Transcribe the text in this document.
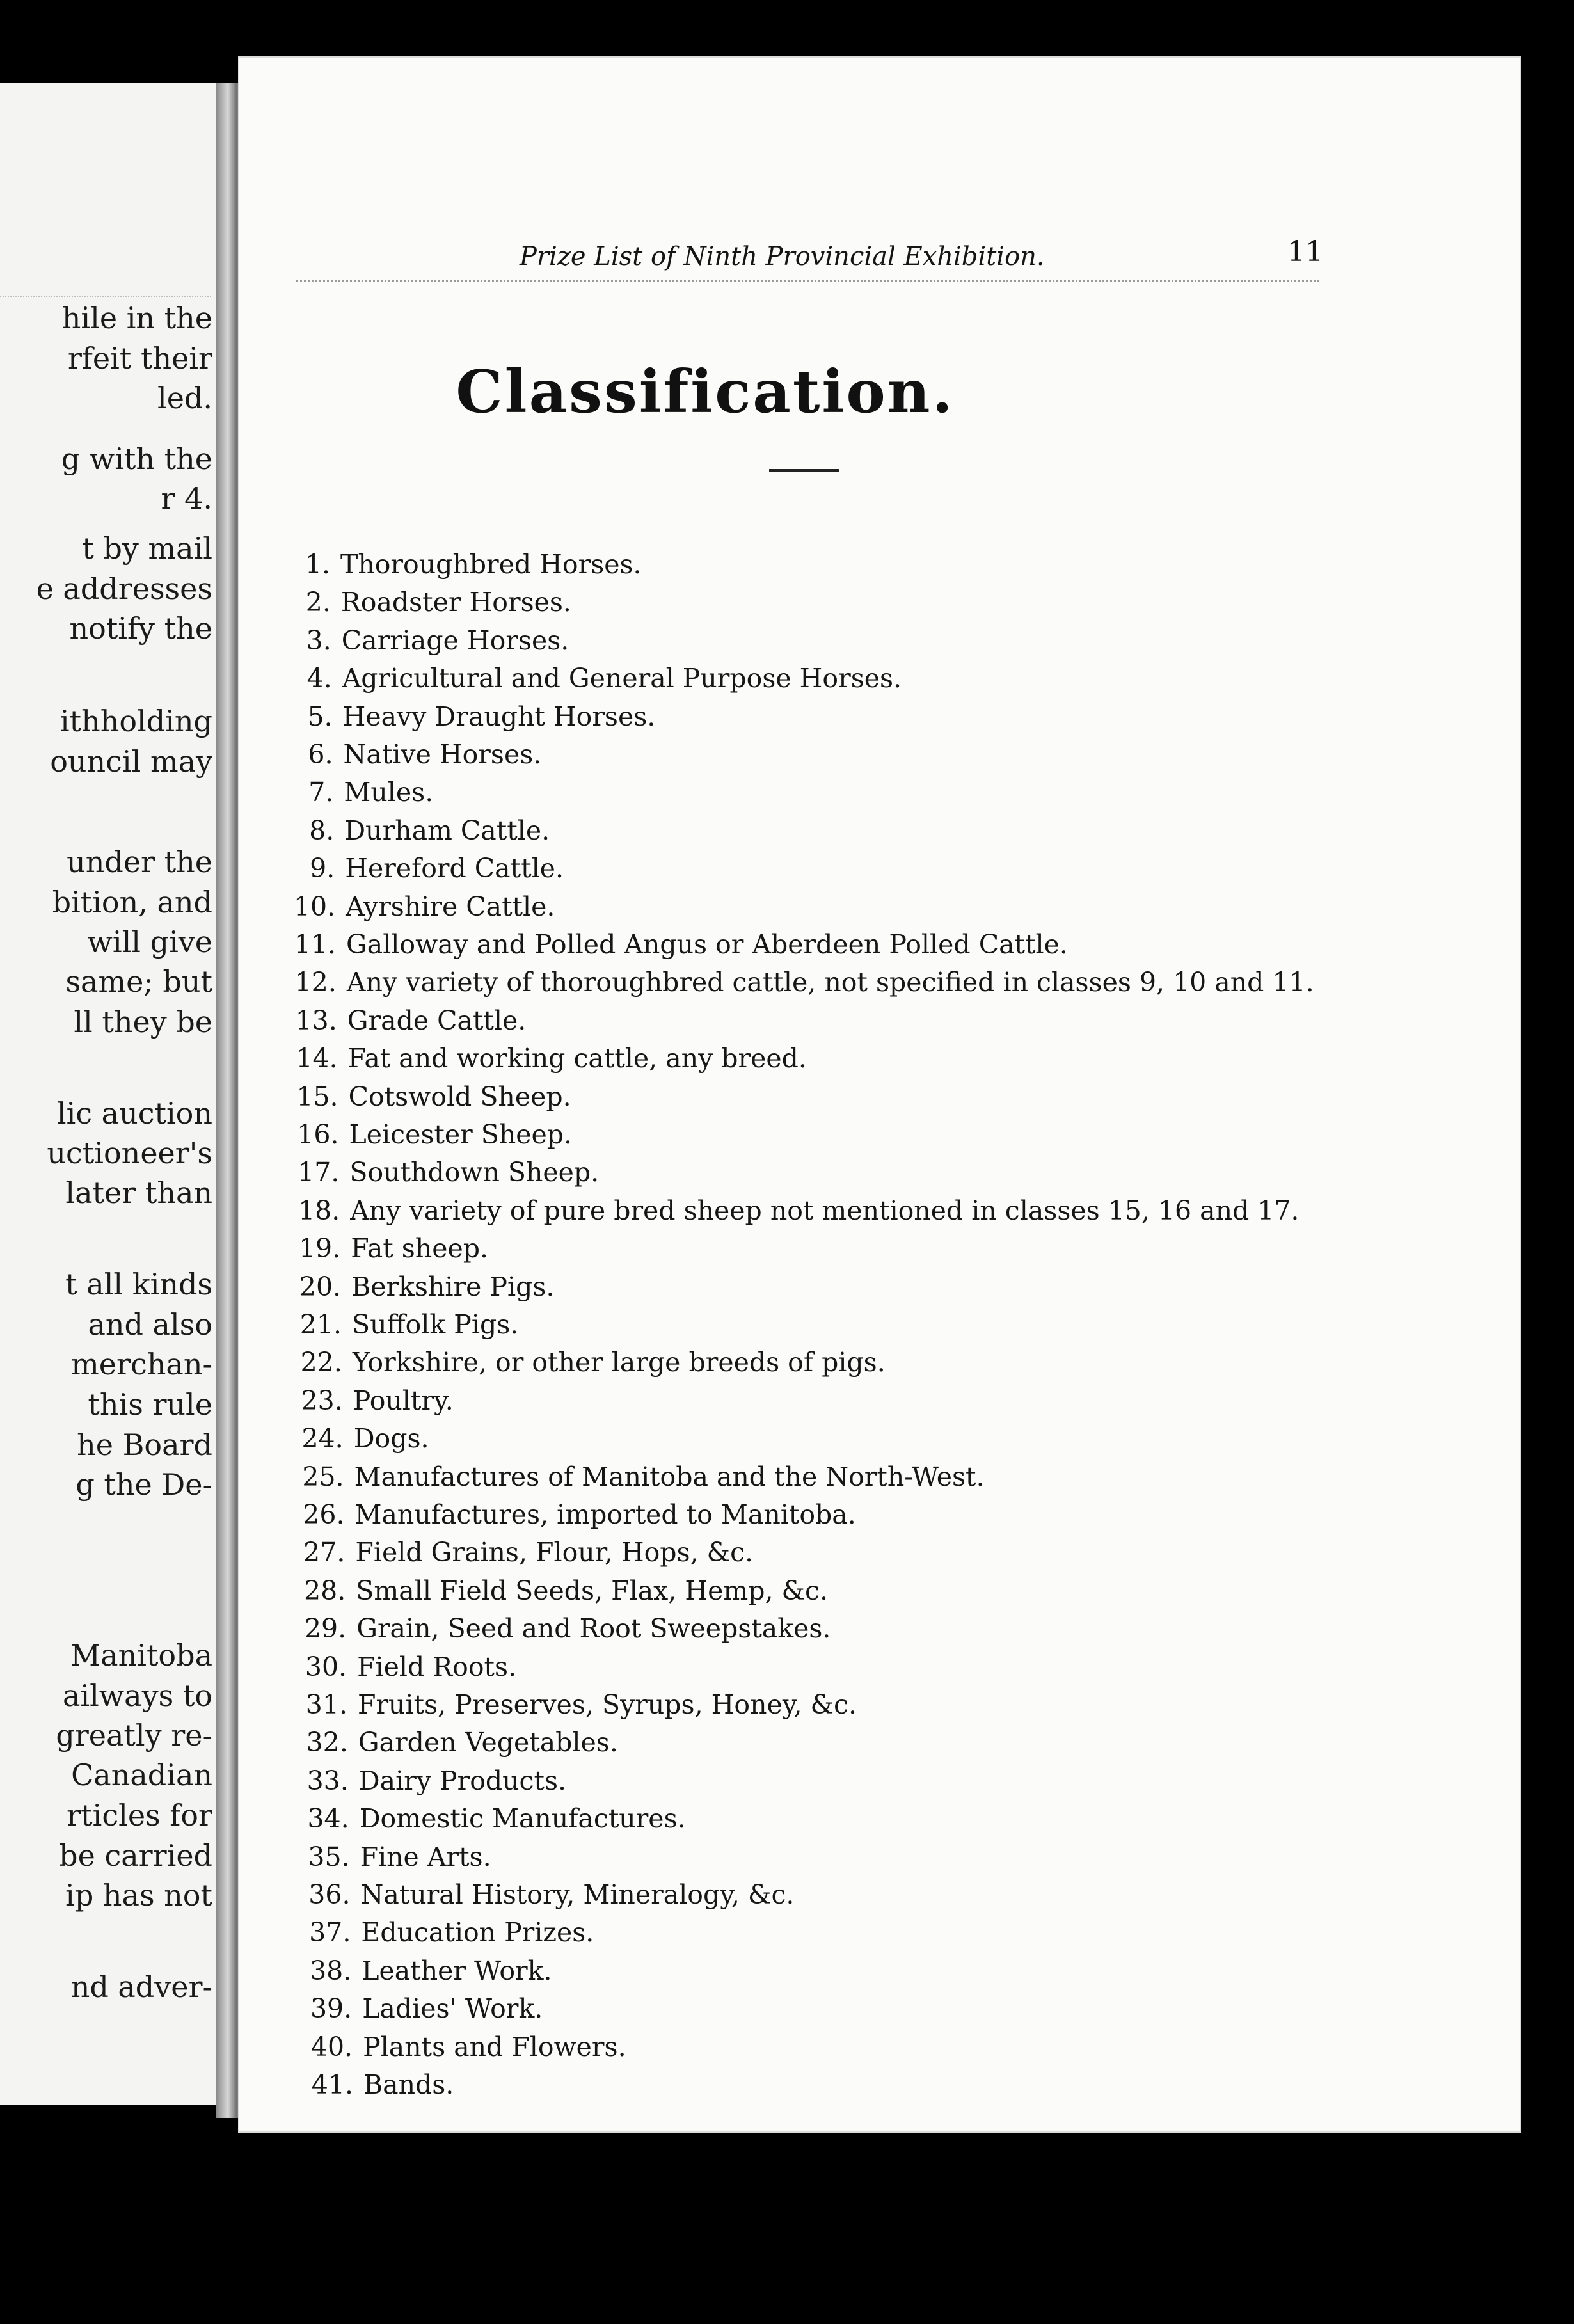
hile in the
rfeit their
led.
g with the
r 4.
t by mail
e addresses
notify the
ithholding
ouncil may
under the
bition, and
will give
same; but
ll they be
lic auction
uctioneer's
later than
t all kinds
and also
merchan-
this rule
he Board
g the De-
Manitoba
ailways to
greatly re-
Canadian
rticles for
be carried
ip has not
nd adver-
Prize List of Ninth Provincial Exhibition.	11
Classification.
1. Thoroughbred Horses.
2. Roadster Horses.
3. Carriage Horses.
4. Agricultural and General Purpose Horses.
5. Heavy Draught Horses.
6. Native Horses.
7. Mules.
8. Durham Cattle.
9. Hereford Cattle.
10. Ayrshire Cattle.
11. Galloway and Polled Angus or Aberdeen Polled Cattle.
12. Any variety of thoroughbred cattle, not specified in classes 9, 10 and 11.
13. Grade Cattle.
14. Fat and working cattle, any breed.
15. Cotswold Sheep.
16. Leicester Sheep.
17. Southdown Sheep.
18. Any variety of pure bred sheep not mentioned in classes 15, 16 and 17.
19. Fat sheep.
20. Berkshire Pigs.
21. Suffolk Pigs.
22. Yorkshire, or other large breeds of pigs.
23. Poultry.
24. Dogs.
25. Manufactures of Manitoba and the North-West.
26. Manufactures, imported to Manitoba.
27. Field Grains, Flour, Hops, &c.
28. Small Field Seeds, Flax, Hemp, &c.
29. Grain, Seed and Root Sweepstakes.
30. Field Roots.
31. Fruits, Preserves, Syrups, Honey, &c.
32. Garden Vegetables.
33. Dairy Products.
34. Domestic Manufactures.
35. Fine Arts.
36. Natural History, Mineralogy, &c.
37. Education Prizes.
38. Leather Work.
39. Ladies' Work.
40. Plants and Flowers.
41. Bands.
